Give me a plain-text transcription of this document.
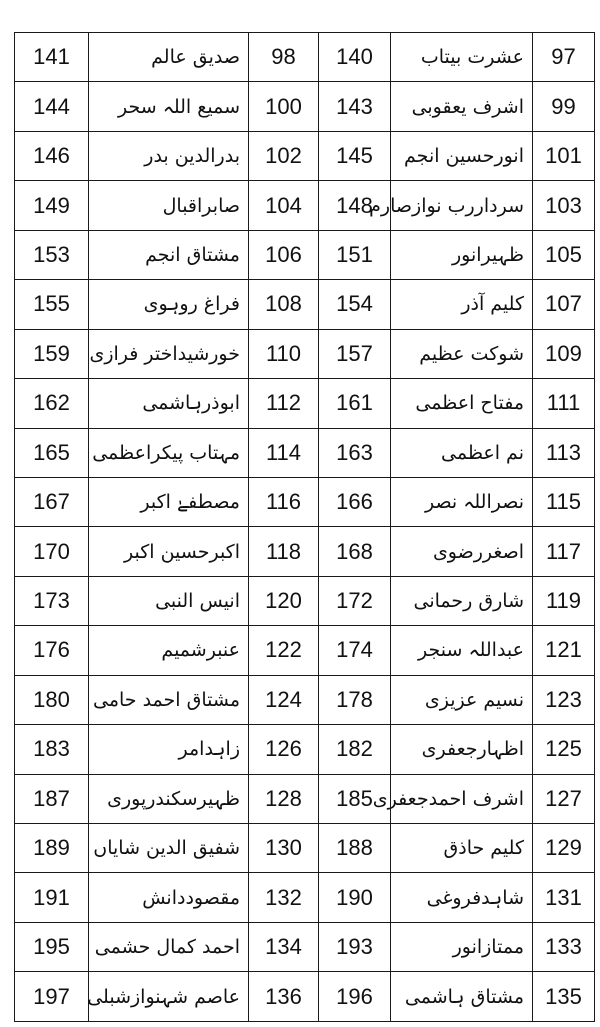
141	صدیق عالم	98	140	عشرت بیتاب	97
144	سمیع اللہ سحر	100	143	اشرف یعقوبی	99
146	بدرالدین بدر	102	145	انورحسین انجم	101
149	صابراقبال	104	148	سرداررب نوازصارم	103
153	مشتاق انجم	106	151	ظہیرانور	105
155	فراغ روہوی	108	154	کلیم آذر	107
159	خورشیداختر فرازی	110	157	شوکت عظیم	109
162	ابوذرہاشمی	112	161	مفتاح اعظمی	111
165	مہتاب پیکراعظمی	114	163	نم اعظمی	113
167	مصطفےٰ اکبر	116	166	نصراللہ نصر	115
170	اکبرحسین اکبر	118	168	اصغررضوی	117
173	انیس النبی	120	172	شارق رحمانی	119
176	عنبرشمیم	122	174	عبداللہ سنجر	121
180	مشتاق احمد حامی	124	178	نسیم عزیزی	123
183	زاہدامر	126	182	اظہارجعفری	125
187	ظہیرسکندرپوری	128	185	اشرف احمدجعفری	127
189	شفیق الدین شایاں	130	188	کلیم حاذق	129
191	مقصوددانش	132	190	شاہدفروغی	131
195	احمد کمال حشمی	134	193	ممتازانور	133
197	عاصم شہنوازشبلی	136	196	مشتاق ہاشمی	135
